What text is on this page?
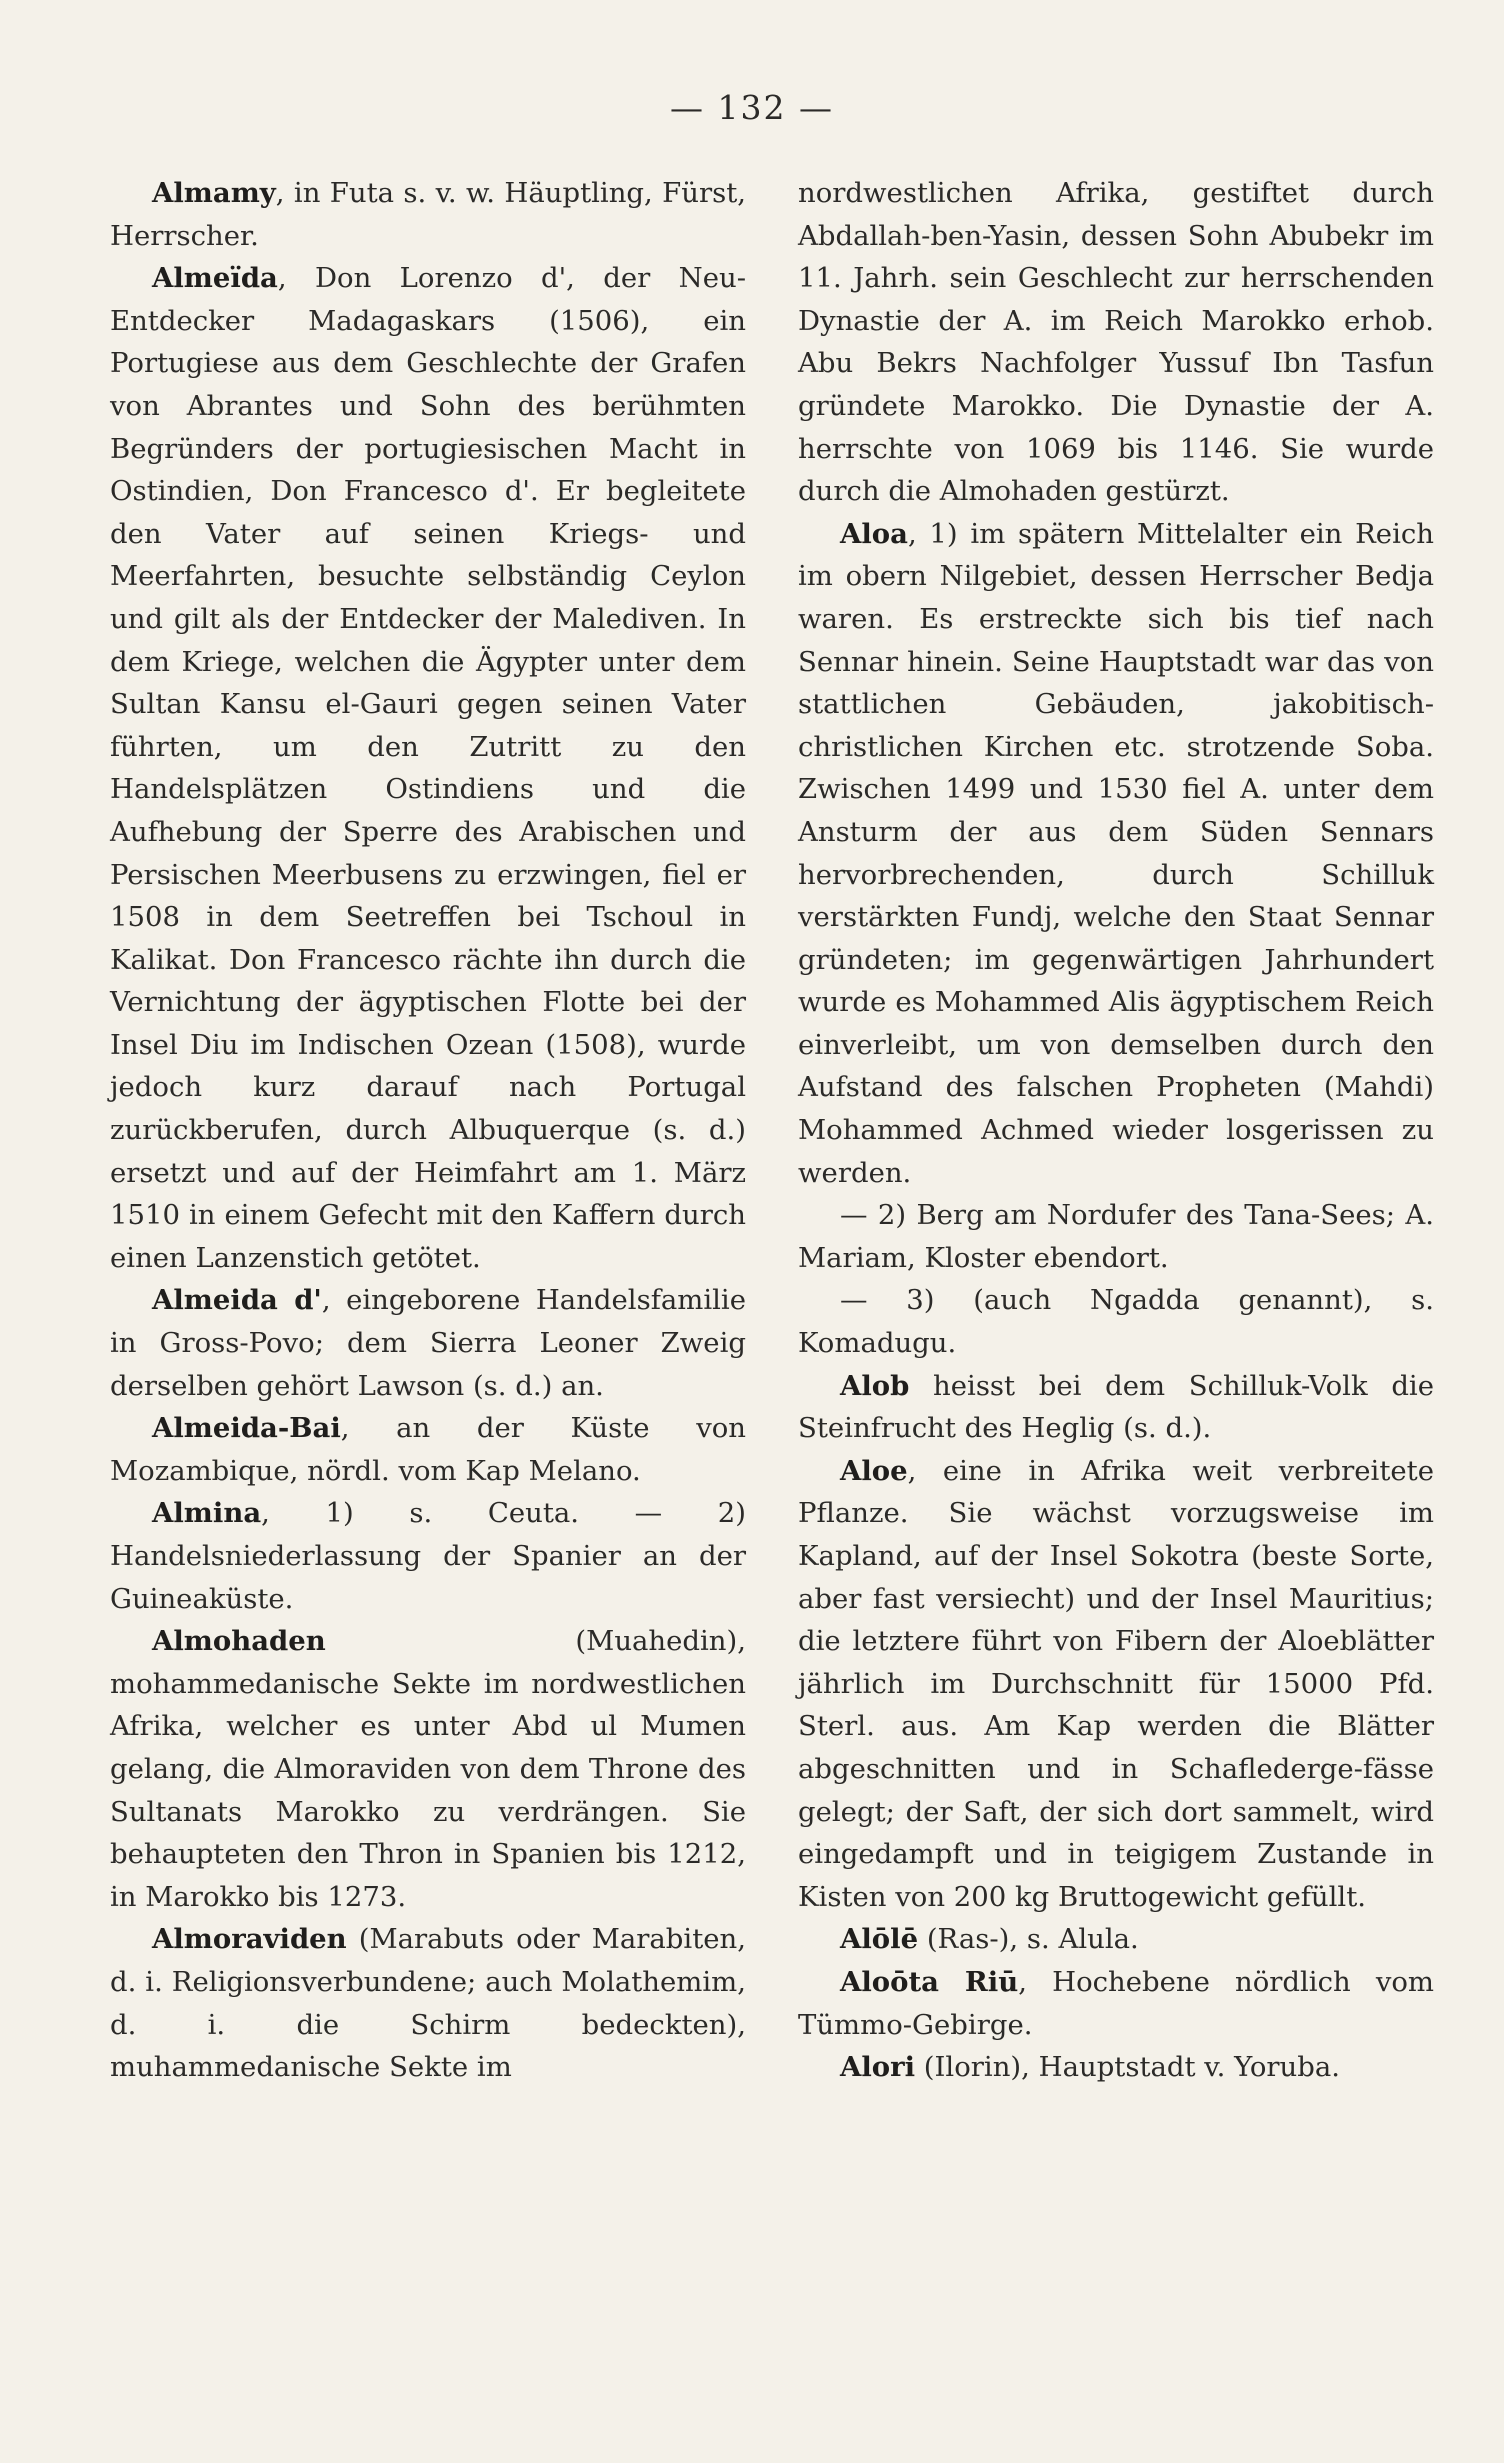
— 132 —

Almamy, in Futa s. v. w. Häuptling, Fürst, Herrscher.

Almeïda, Don Lorenzo d', der Neu-Entdecker Madagaskars (1506), ein Portugiese aus dem Geschlechte der Grafen von Abrantes und Sohn des berühmten Begründers der portugiesischen Macht in Ostindien, Don Francesco d'. Er begleitete den Vater auf seinen Kriegs- und Meerfahrten, besuchte selbständig Ceylon und gilt als der Entdecker der Malediven. In dem Kriege, welchen die Ägypter unter dem Sultan Kansu el-Gauri gegen seinen Vater führten, um den Zutritt zu den Handelsplätzen Ostindiens und die Aufhebung der Sperre des Arabischen und Persischen Meerbusens zu erzwingen, fiel er 1508 in dem Seetreffen bei Tschoul in Kalikat. Don Francesco rächte ihn durch die Vernichtung der ägyptischen Flotte bei der Insel Diu im Indischen Ozean (1508), wurde jedoch kurz darauf nach Portugal zurückberufen, durch Albuquerque (s. d.) ersetzt und auf der Heimfahrt am 1. März 1510 in einem Gefecht mit den Kaffern durch einen Lanzenstich getötet.

Almeida d', eingeborene Handelsfamilie in Gross-Povo; dem Sierra Leoner Zweig derselben gehört Lawson (s. d.) an.

Almeida-Bai, an der Küste von Mozambique, nördl. vom Kap Melano.

Almina, 1) s. Ceuta. — 2) Handelsniederlassung der Spanier an der Guineaküste.

Almohaden (Muahedin), mohammedanische Sekte im nordwestlichen Afrika, welcher es unter Abd ul Mumen gelang, die Almoraviden von dem Throne des Sultanats Marokko zu verdrängen. Sie behaupteten den Thron in Spanien bis 1212, in Marokko bis 1273.

Almoraviden (Marabuts oder Marabiten, d. i. Religionsverbundene; auch Molathemim, d. i. die Schirm bedeckten), muhammedanische Sekte im

nordwestlichen Afrika, gestiftet durch Abdallah-ben-Yasin, dessen Sohn Abubekr im 11. Jahrh. sein Geschlecht zur herrschenden Dynastie der A. im Reich Marokko erhob. Abu Bekrs Nachfolger Yussuf Ibn Tasfun gründete Marokko. Die Dynastie der A. herrschte von 1069 bis 1146. Sie wurde durch die Almohaden gestürzt.

Aloa, 1) im spätern Mittelalter ein Reich im obern Nilgebiet, dessen Herrscher Bedja waren. Es erstreckte sich bis tief nach Sennar hinein. Seine Hauptstadt war das von stattlichen Gebäuden, jakobitisch-christlichen Kirchen etc. strotzende Soba. Zwischen 1499 und 1530 fiel A. unter dem Ansturm der aus dem Süden Sennars hervorbrechenden, durch Schilluk verstärkten Fundj, welche den Staat Sennar gründeten; im gegenwärtigen Jahrhundert wurde es Mohammed Alis ägyptischem Reich einverleibt, um von demselben durch den Aufstand des falschen Propheten (Mahdi) Mohammed Achmed wieder losgerissen zu werden.

— 2) Berg am Nordufer des Tana-Sees; A. Mariam, Kloster ebendort.

— 3) (auch Ngadda genannt), s. Komadugu.

Alob heisst bei dem Schilluk-Volk die Steinfrucht des Heglig (s. d.).

Aloe, eine in Afrika weit verbreitete Pflanze. Sie wächst vorzugsweise im Kapland, auf der Insel Sokotra (beste Sorte, aber fast versiecht) und der Insel Mauritius; die letztere führt von Fibern der Aloeblätter jährlich im Durchschnitt für 15000 Pfd. Sterl. aus. Am Kap werden die Blätter abgeschnitten und in Schaflederge-fässe gelegt; der Saft, der sich dort sammelt, wird eingedampft und in teigigem Zustande in Kisten von 200 kg Bruttogewicht gefüllt.

Alōlē (Ras-), s. Alula.

Aloōta Riū, Hochebene nördlich vom Tümmo-Gebirge.

Alori (Ilorin), Hauptstadt v. Yoruba.
